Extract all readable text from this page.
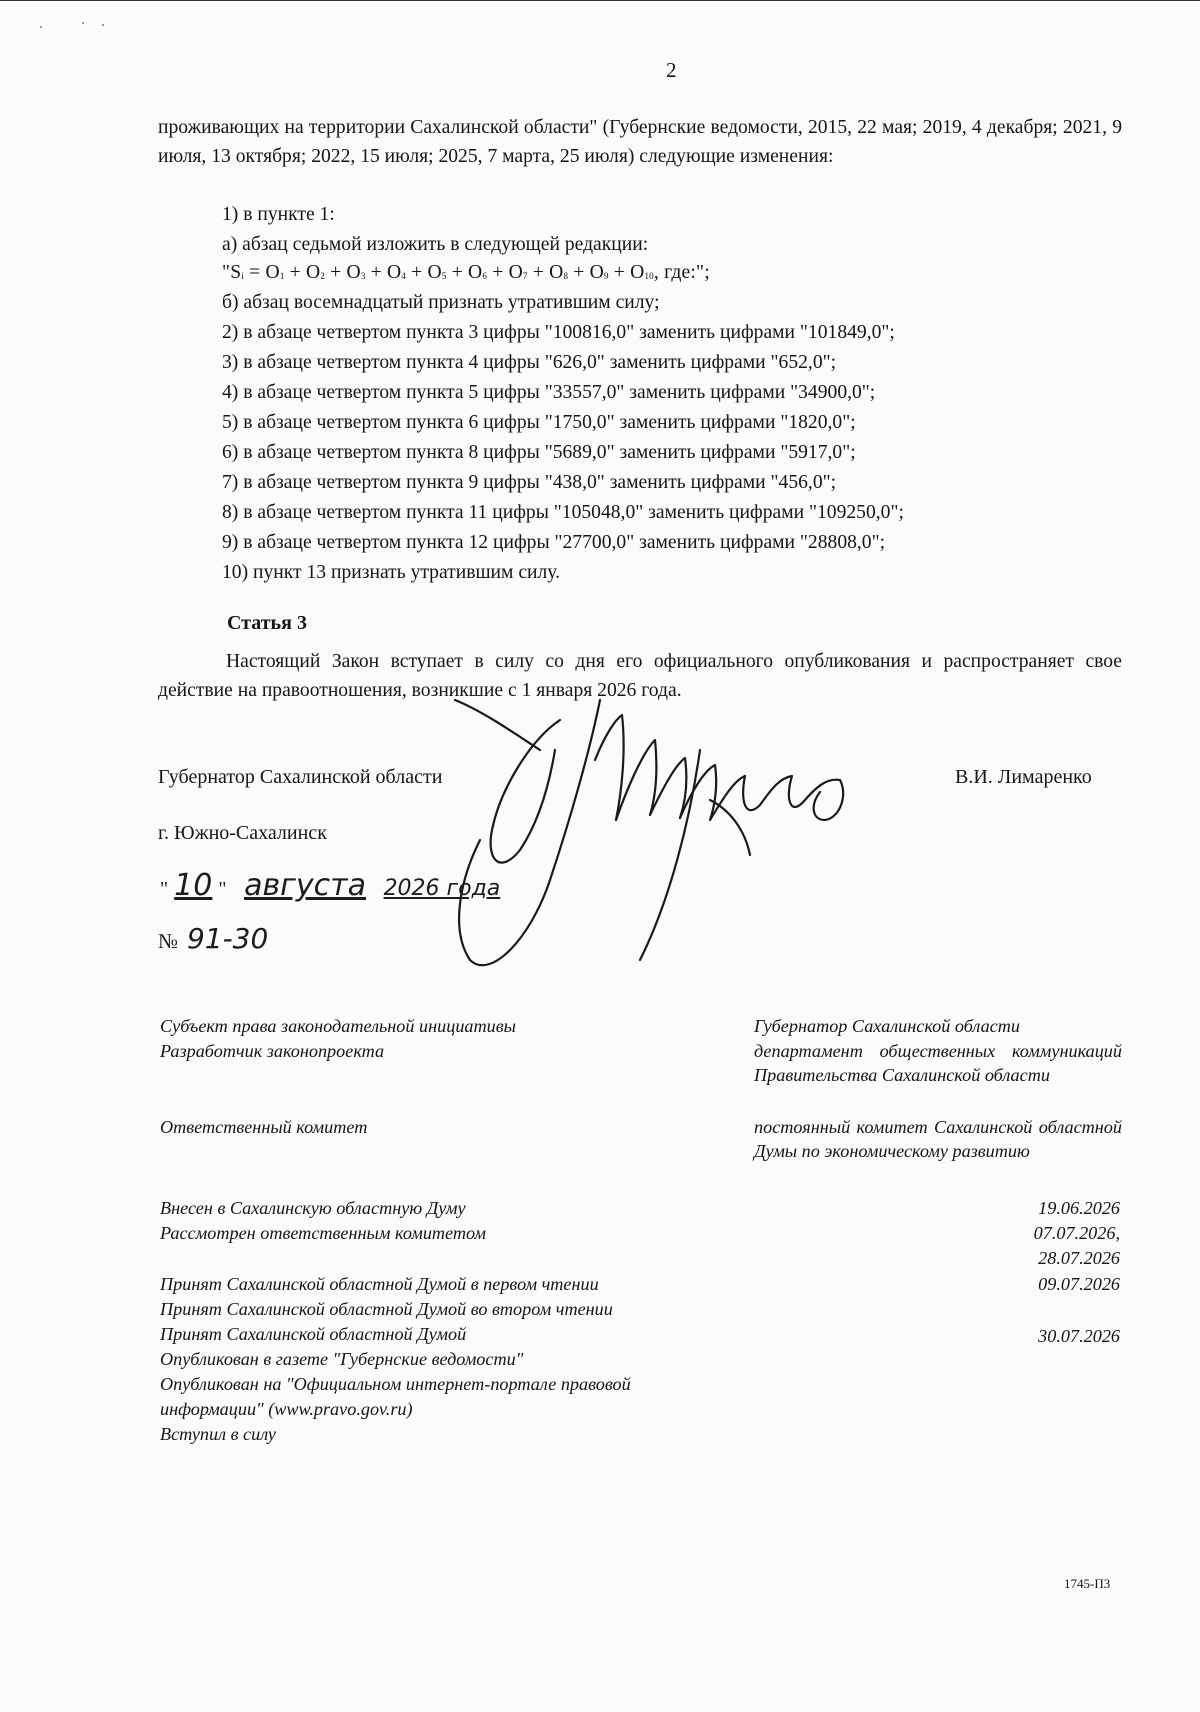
2
проживающих на территории Сахалинской области" (Губернские ведомости, 2015, 22 мая; 2019, 4 декабря; 2021, 9 июля, 13 октября; 2022, 15 июля; 2025, 7 марта, 25 июля) следующие изменения:
1) в пункте 1:
а) абзац седьмой изложить в следующей редакции:
"$S_i = O_1 + O_2 + O_3 + O_4 + O_5 + O_6 + O_7 + O_8 + O_9 + O_{10}$, где:";
б) абзац восемнадцатый признать утратившим силу;
2) в абзаце четвертом пункта 3 цифры "100816,0" заменить цифрами "101849,0";
3) в абзаце четвертом пункта 4 цифры "626,0" заменить цифрами "652,0";
4) в абзаце четвертом пункта 5 цифры "33557,0" заменить цифрами "34900,0";
5) в абзаце четвертом пункта 6 цифры "1750,0" заменить цифрами "1820,0";
6) в абзаце четвертом пункта 8 цифры "5689,0" заменить цифрами "5917,0";
7) в абзаце четвертом пункта 9 цифры "438,0" заменить цифрами "456,0";
8) в абзаце четвертом пункта 11 цифры "105048,0" заменить цифрами "109250,0";
9) в абзаце четвертом пункта 12 цифры "27700,0" заменить цифрами "28808,0";
10) пункт 13 признать утратившим силу.
Статья 3
Настоящий Закон вступает в силу со дня его официального опубликования и распространяет свое действие на правоотношения, возникшие с 1 января 2026 года.
Губернатор Сахалинской области	В.И. Лимаренко
г. Южно-Сахалинск
" 10 " августа 2026 года
№ 91-30
Субъект права законодательной инициативы	Губернатор Сахалинской области
Разработчик законопроекта	департамент общественных коммуникаций Правительства Сахалинской области
Ответственный комитет	постоянный комитет Сахалинской областной Думы по экономическому развитию
Внесен в Сахалинскую областную Думу	19.06.2026
Рассмотрен ответственным комитетом	07.07.2026,
28.07.2026
Принят Сахалинской областной Думой в первом чтении	09.07.2026
Принят Сахалинской областной Думой во втором чтении
Принят Сахалинской областной Думой	30.07.2026
Опубликован в газете "Губернские ведомости"
Опубликован на "Официальном интернет-портале правовой
информации" (www.pravo.gov.ru)
Вступил в силу
1745-П3
